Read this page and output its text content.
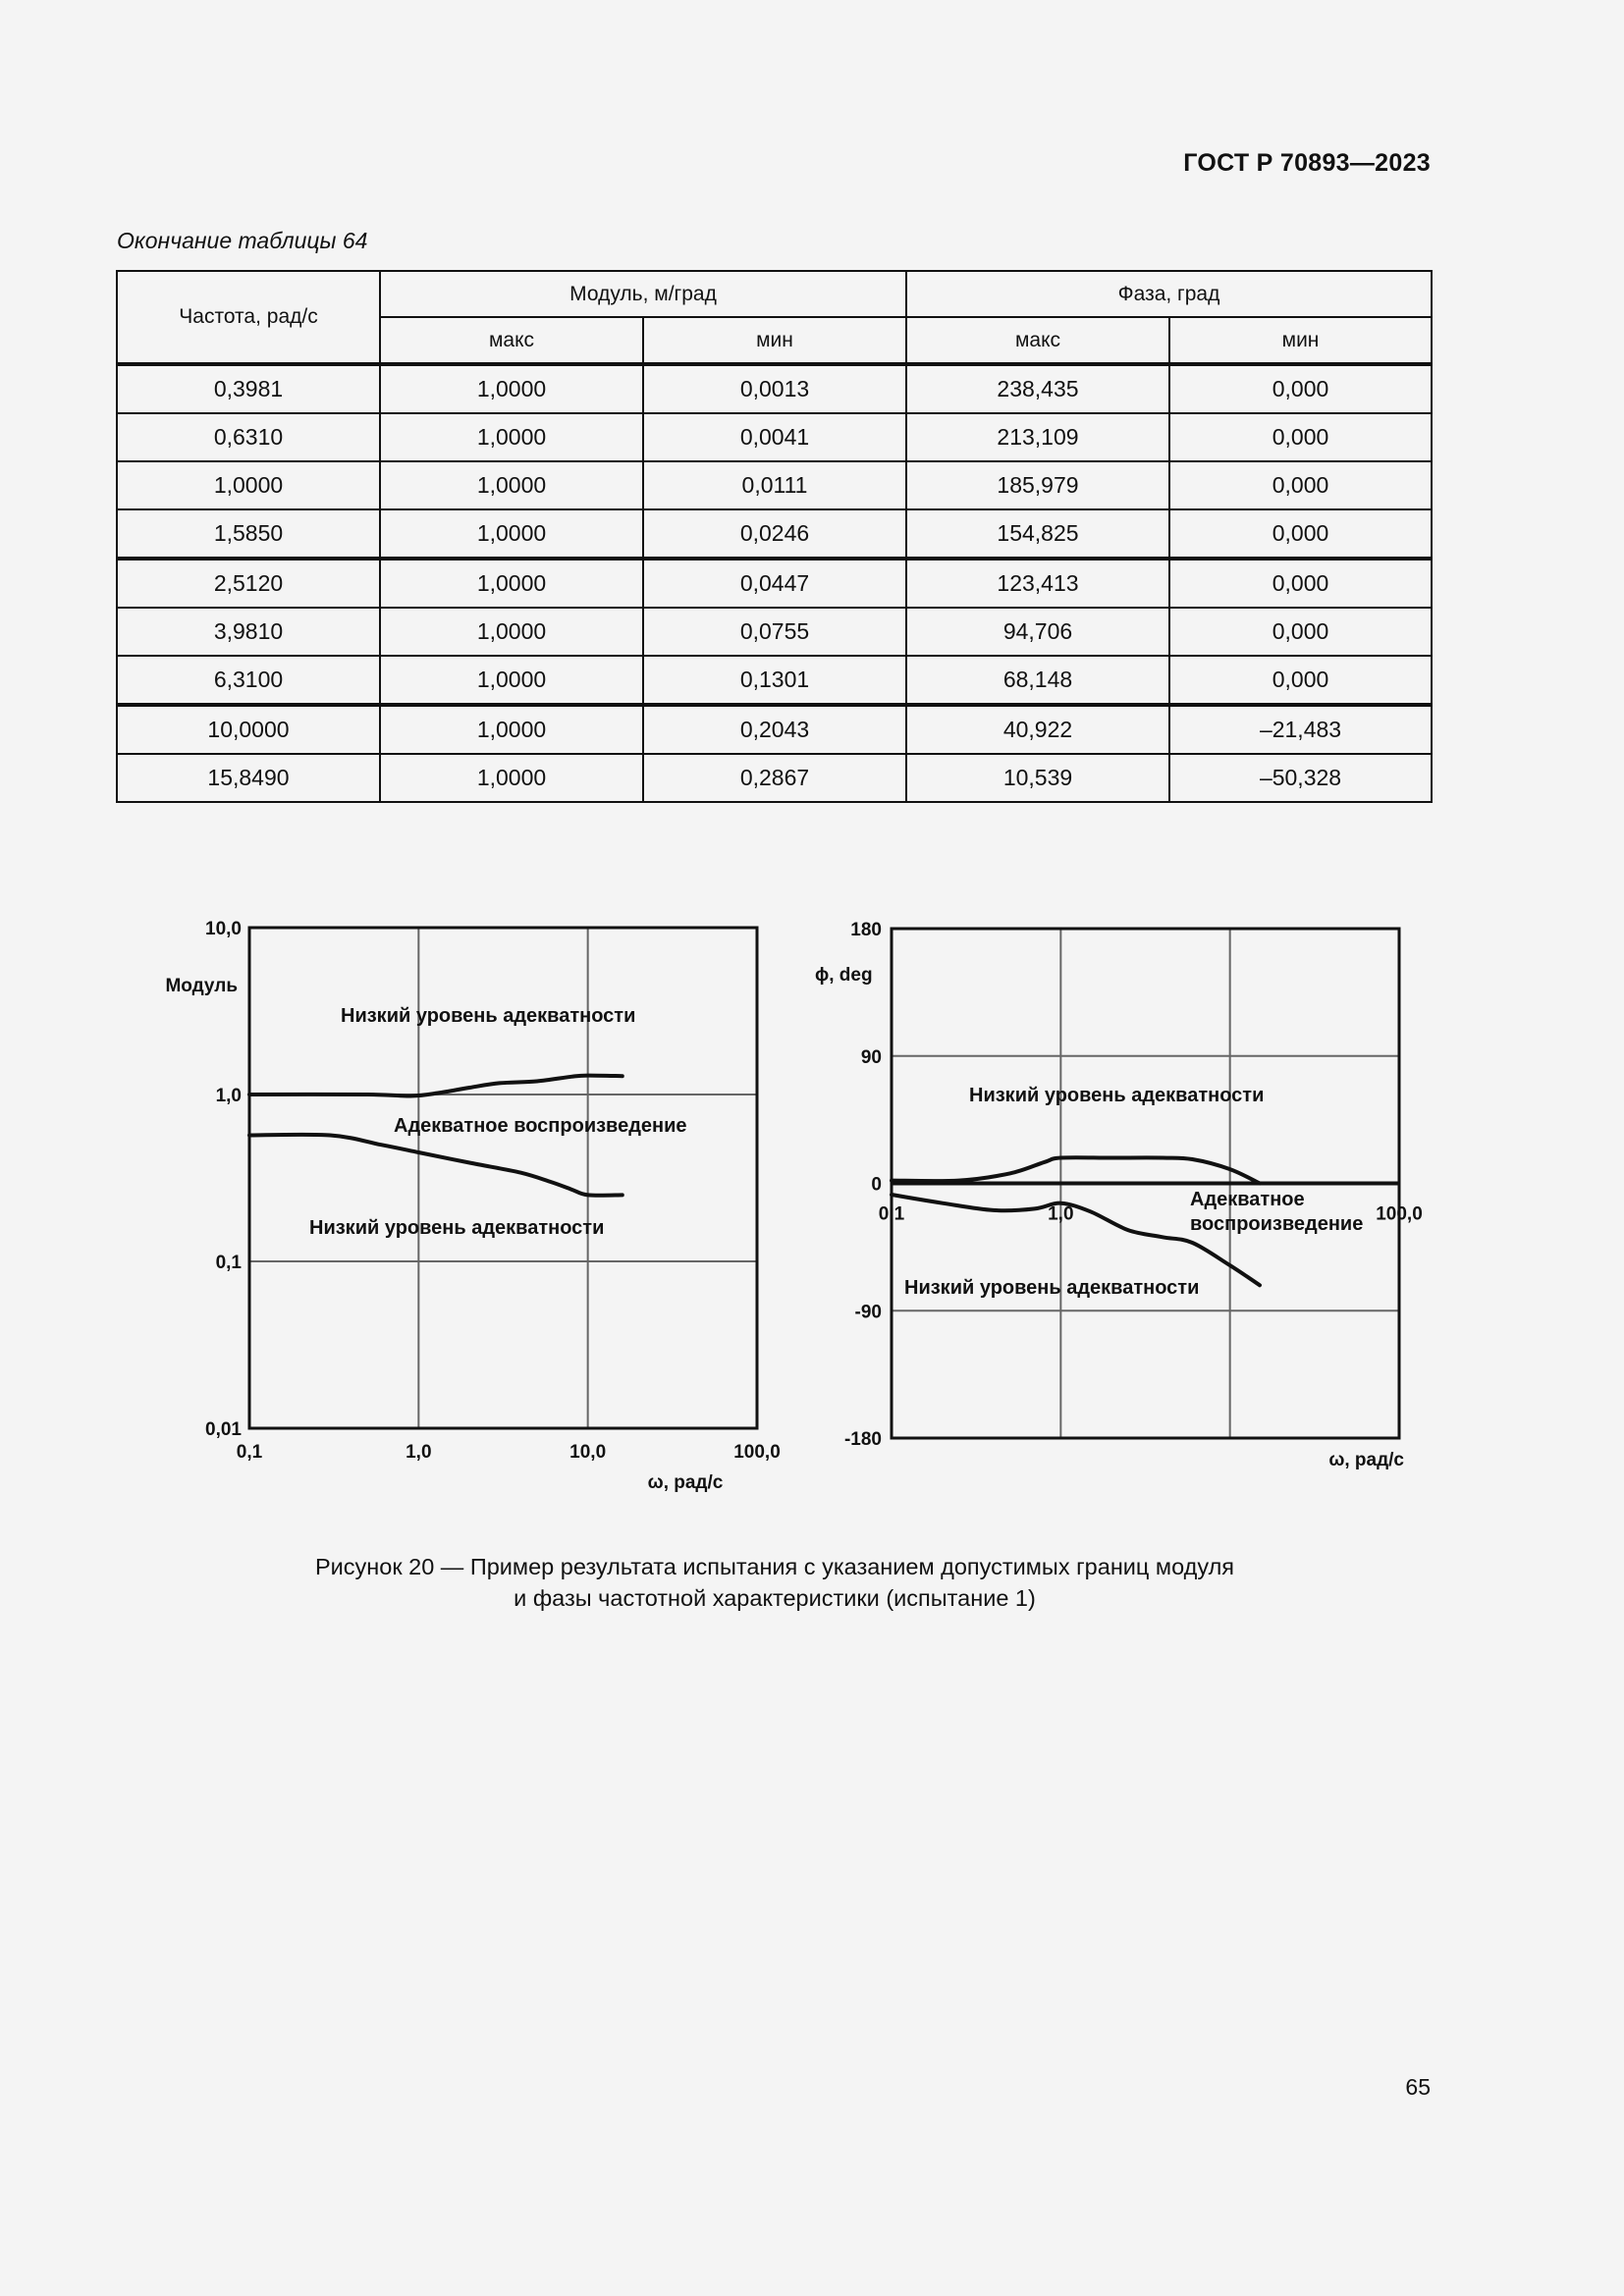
ГОСТ Р 70893—2023
Окончание таблицы 64
Частота, рад/с	Модуль, м/град		Фаза, град	
	макс	мин	макс	мин
0,3981	1,0000	0,0013	238,435	0,000
0,6310	1,0000	0,0041	213,109	0,000
1,0000	1,0000	0,0111	185,979	0,000
1,5850	1,0000	0,0246	154,825	0,000
2,5120	1,0000	0,0447	123,413	0,000
3,9810	1,0000	0,0755	94,706	0,000
6,3100	1,0000	0,1301	68,148	0,000
10,0000	1,0000	0,2043	40,922	–21,483
15,8490	1,0000	0,2867	10,539	–50,328
0,01
0,1
1,0
10,0
0,1	1,0	10,0	100,0
Модуль
ω, рад/с
Низкий уровень адекватности
Адекватное воспроизведение
Низкий уровень адекватности
180
90
0
-90
-180
0,1	1,0	100,0
ϕ, deg
ω, рад/с
Низкий уровень адекватности
Адекватное воспроизведение
Низкий уровень адекватности
Рисунок 20 — Пример результата испытания с указанием допустимых границ модуля
и фазы частотной характеристики (испытание 1)
65
